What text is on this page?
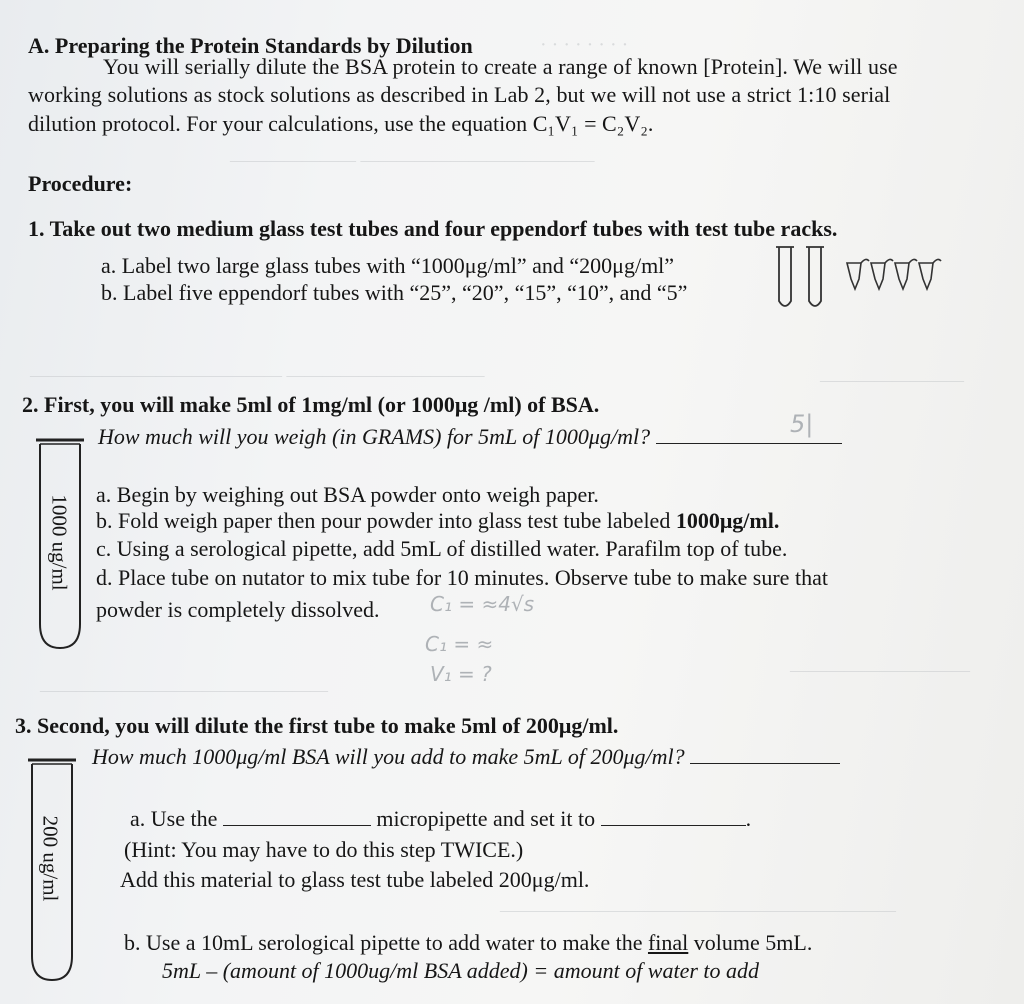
· · · · · · · ·
――――――― ―――――――――――――
―――――――――――――― ―――――――――――	――――――――
――――――――――――――――
――――――――――
――――――――――――――――――――――
5|
C₁ = ≈4√s
C₁ = ≈
V₁ = ?
A. Preparing the Protein Standards by Dilution
You will serially dilute the BSA protein to create a range of known [Protein]. We will use
working solutions as stock solutions as described in Lab 2, but we will not use a strict 1:10 serial
dilution protocol. For your calculations, use the equation C₁V₁ = C₂V₂.
Procedure:
1. Take out two medium glass test tubes and four eppendorf tubes with test tube racks.
a. Label two large glass tubes with “1000μg/ml” and “200μg/ml”
b. Label five eppendorf tubes with “25”, “20”, “15”, “10”, and “5”
2. First, you will make 5ml of 1mg/ml (or 1000μg /ml) of BSA.
How much will you weigh (in GRAMS) for 5mL of 1000μg/ml?
1000 ug/ml a. Begin by weighing out BSA powder onto weigh paper.
b. Fold weigh paper then pour powder into glass test tube labeled 1000μg/ml.
c. Using a serological pipette, add 5mL of distilled water. Parafilm top of tube.
d. Place tube on nutator to mix tube for 10 minutes. Observe tube to make sure that
powder is completely dissolved.
3. Second, you will dilute the first tube to make 5ml of 200μg/ml.
How much 1000μg/ml BSA will you add to make 5mL of 200μg/ml?
200 ug/ml	a. Use the	micropipette and set it to	.
(Hint: You may have to do this step TWICE.)
Add this material to glass test tube labeled 200μg/ml.
b. Use a 10mL serological pipette to add water to make the final volume 5mL.
5mL – (amount of 1000ug/ml BSA added) = amount of water to add
